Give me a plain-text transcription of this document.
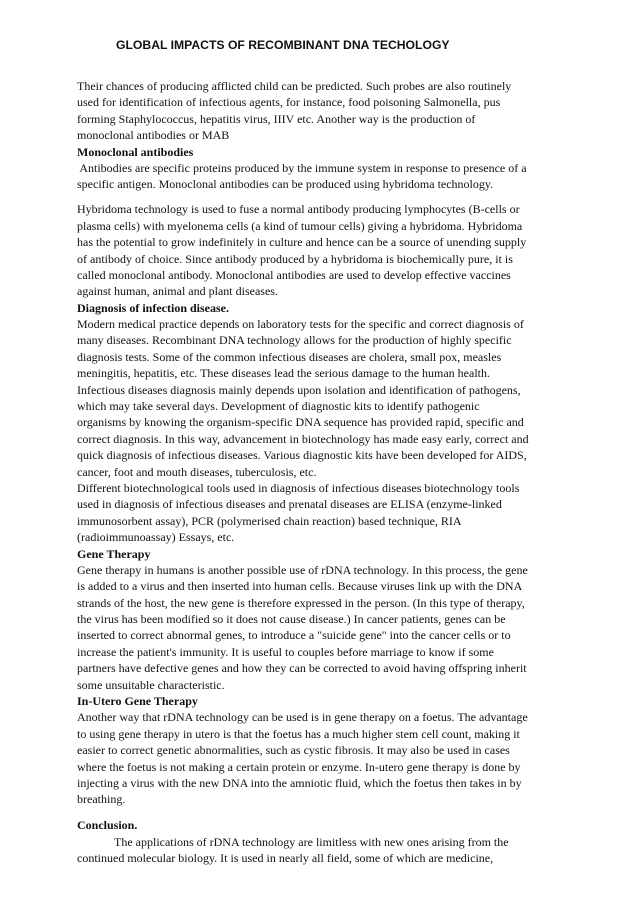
GLOBAL IMPACTS OF RECOMBINANT DNA TECHOLOGY
Their chances of producing afflicted child can be predicted. Such probes are also routinely
used for identification of infectious agents, for instance, food poisoning Salmonella, pus
forming Staphylococcus, hepatitis virus, IIIV etc. Another way is the production of
monoclonal antibodies or MAB
Monoclonal antibodies
Antibodies are specific proteins produced by the immune system in response to presence of a
specific antigen. Monoclonal antibodies can be produced using hybridoma technology.
Hybridoma technology is used to fuse a normal antibody producing lymphocytes (B-cells or
plasma cells) with myelonema cells (a kind of tumour cells) giving a hybridoma. Hybridoma
has the potential to grow indefinitely in culture and hence can be a source of unending supply
of antibody of choice. Since antibody produced by a hybridoma is biochemically pure, it is
called monoclonal antibody. Monoclonal antibodies are used to develop effective vaccines
against human, animal and plant diseases.
Diagnosis of infection disease.
Modern medical practice depends on laboratory tests for the specific and correct diagnosis of
many diseases. Recombinant DNA technology allows for the production of highly specific
diagnosis tests. Some of the common infectious diseases are cholera, small pox, measles
meningitis, hepatitis, etc. These diseases lead the serious damage to the human health.
Infectious diseases diagnosis mainly depends upon isolation and identification of pathogens,
which may take several days. Development of diagnostic kits to identify pathogenic
organisms by knowing the organism-specific DNA sequence has provided rapid, specific and
correct diagnosis. In this way, advancement in biotechnology has made easy early, correct and
quick diagnosis of infectious diseases. Various diagnostic kits have been developed for AIDS,
cancer, foot and mouth diseases, tuberculosis, etc.
Different biotechnological tools used in diagnosis of infectious diseases biotechnology tools
used in diagnosis of infectious diseases and prenatal diseases are ELISA (enzyme-linked
immunosorbent assay), PCR (polymerised chain reaction) based technique, RIA
(radioimmunoassay) Essays, etc.
Gene Therapy
Gene therapy in humans is another possible use of rDNA technology. In this process, the gene
is added to a virus and then inserted into human cells. Because viruses link up with the DNA
strands of the host, the new gene is therefore expressed in the person. (In this type of therapy,
the virus has been modified so it does not cause disease.) In cancer patients, genes can be
inserted to correct abnormal genes, to introduce a "suicide gene" into the cancer cells or to
increase the patient's immunity. It is useful to couples before marriage to know if some
partners have defective genes and how they can be corrected to avoid having offspring inherit
some unsuitable characteristic.
In-Utero Gene Therapy
Another way that rDNA technology can be used is in gene therapy on a foetus. The advantage
to using gene therapy in utero is that the foetus has a much higher stem cell count, making it
easier to correct genetic abnormalities, such as cystic fibrosis. It may also be used in cases
where the foetus is not making a certain protein or enzyme. In-utero gene therapy is done by
injecting a virus with the new DNA into the amniotic fluid, which the foetus then takes in by
breathing.
Conclusion.
The applications of rDNA technology are limitless with new ones arising from the
continued molecular biology. It is used in nearly all field, some of which are medicine,
